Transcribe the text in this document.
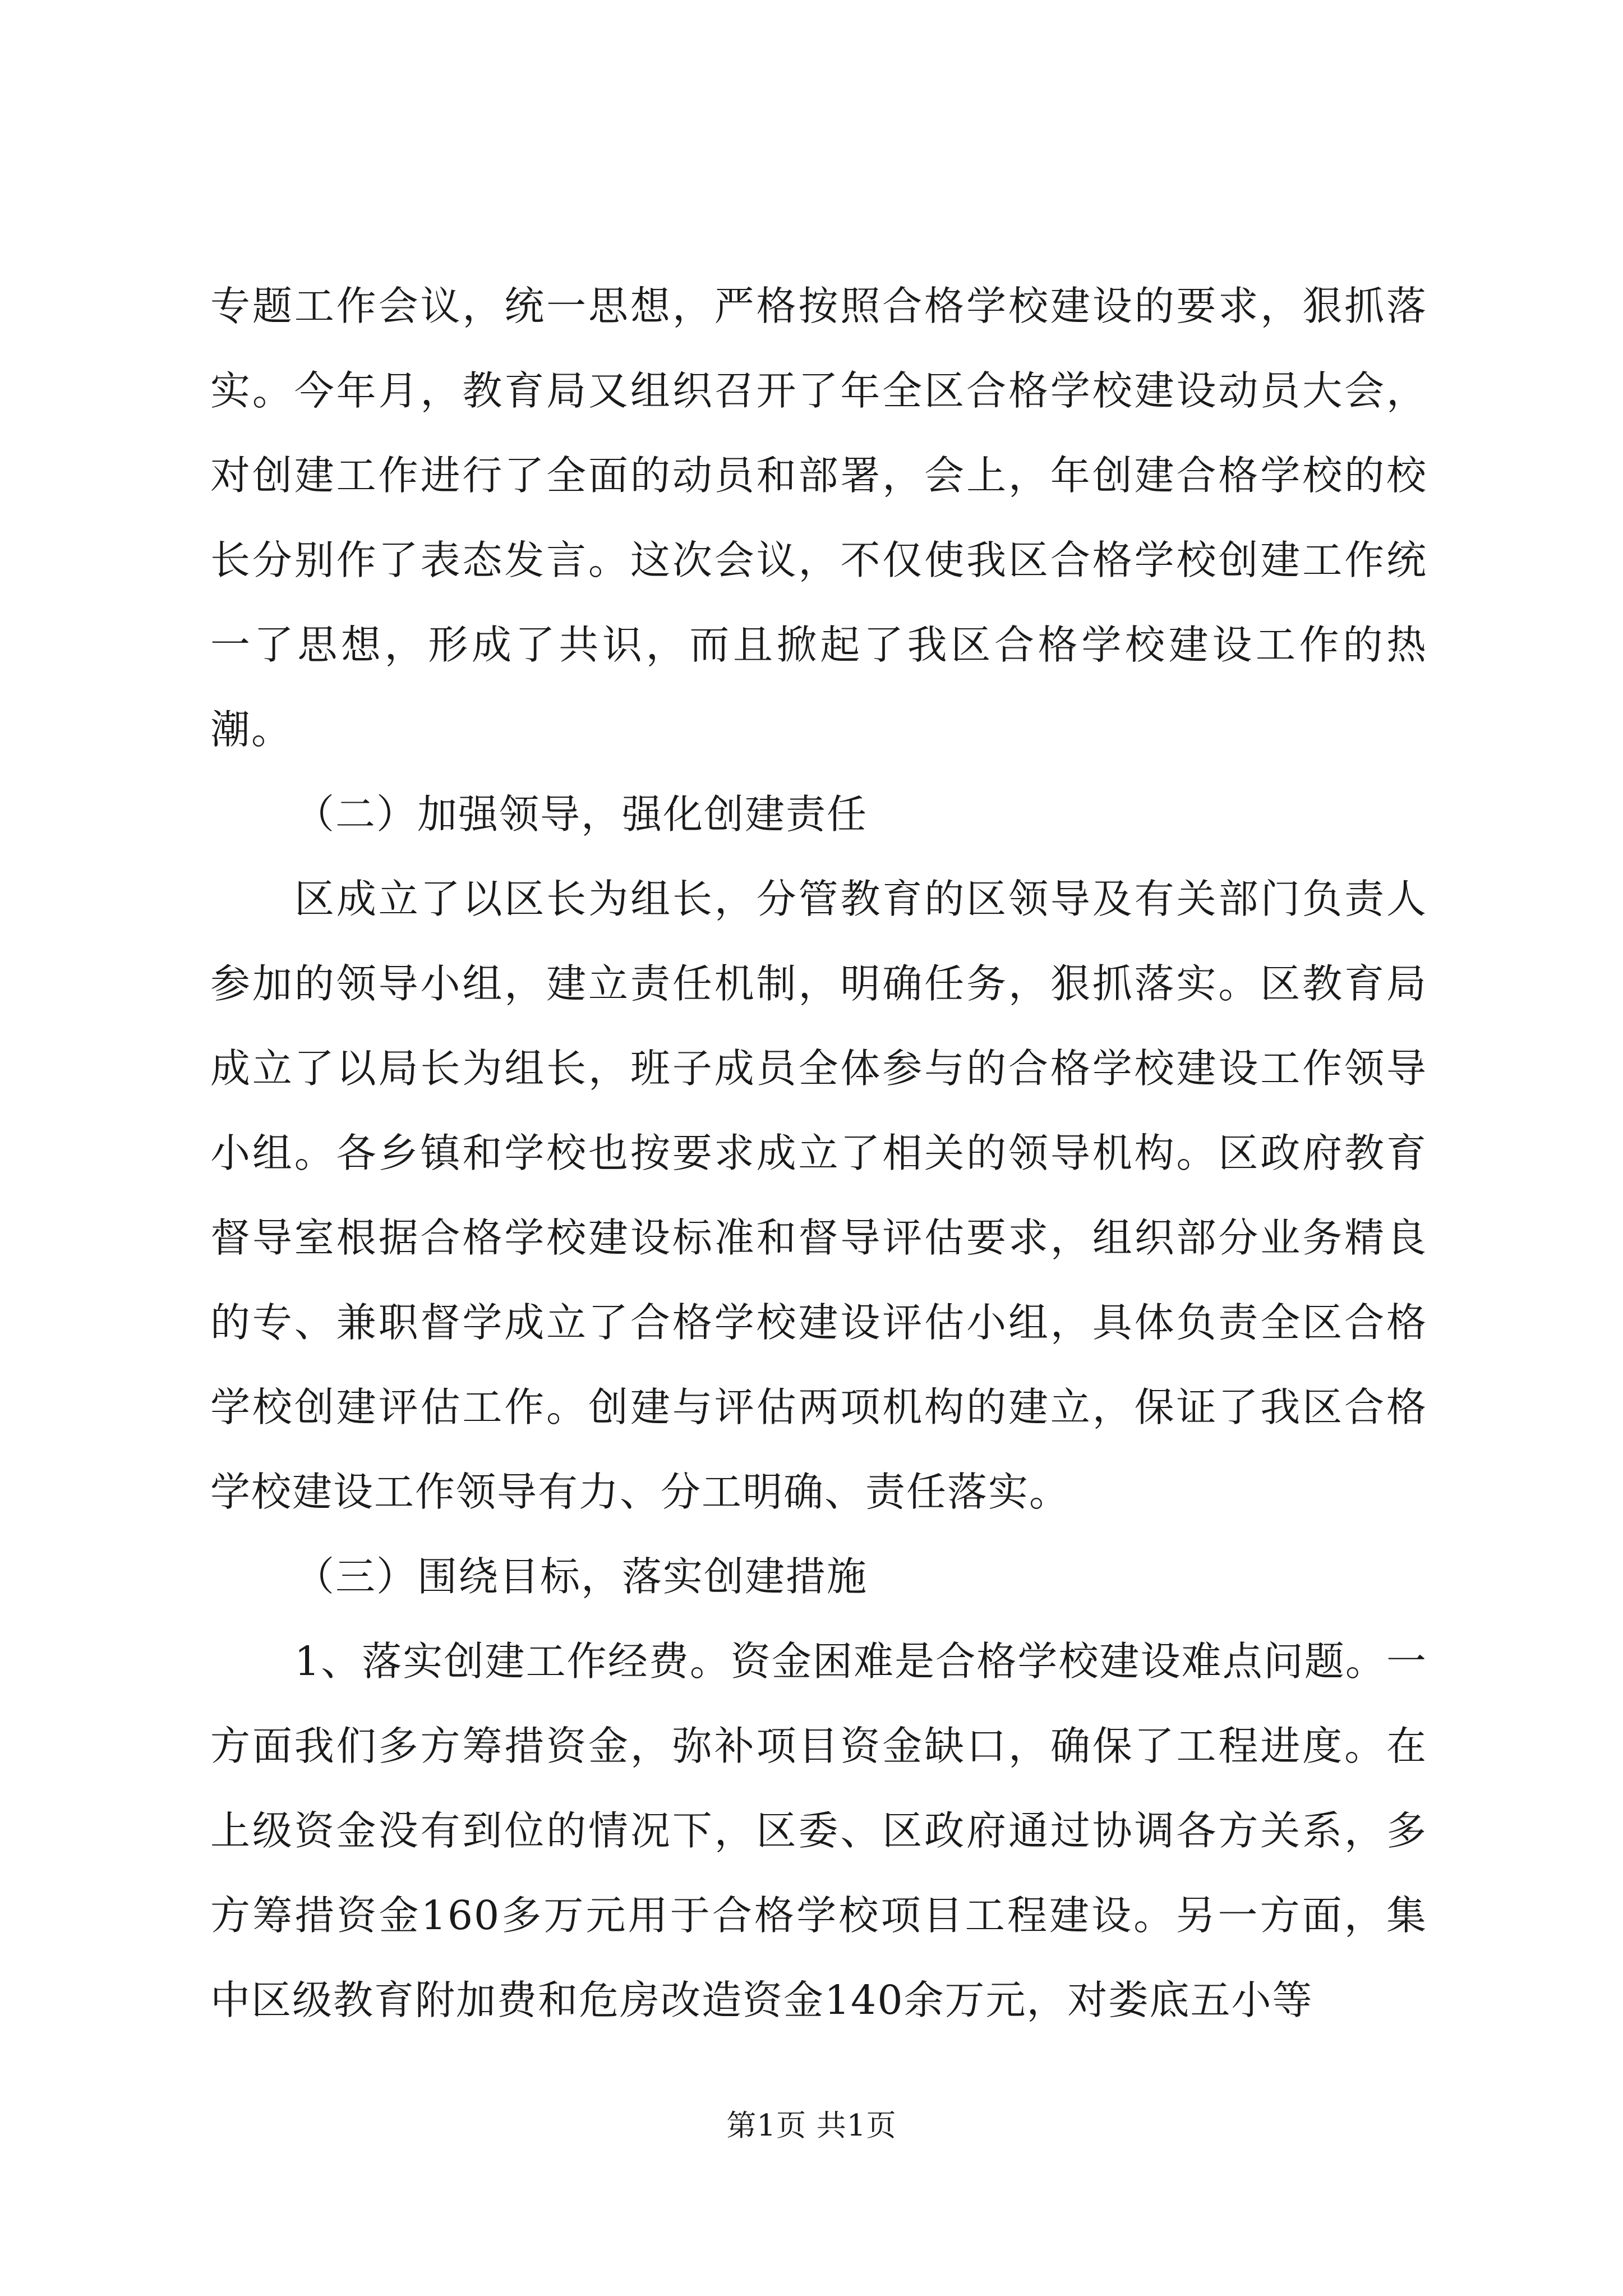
专题工作会议，统一思想，严格按照合格学校建设的要求，狠抓落实。今年月，教育局又组织召开了年全区合格学校建设动员大会，对创建工作进行了全面的动员和部署，会上，年创建合格学校的校长分别作了表态发言。这次会议，不仅使我区合格学校创建工作统一了思想，形成了共识，而且掀起了我区合格学校建设工作的热潮。

（二）加强领导，强化创建责任

区成立了以区长为组长，分管教育的区领导及有关部门负责人参加的领导小组，建立责任机制，明确任务，狠抓落实。区教育局成立了以局长为组长，班子成员全体参与的合格学校建设工作领导小组。各乡镇和学校也按要求成立了相关的领导机构。区政府教育督导室根据合格学校建设标准和督导评估要求，组织部分业务精良的专、兼职督学成立了合格学校建设评估小组，具体负责全区合格学校创建评估工作。创建与评估两项机构的建立，保证了我区合格学校建设工作领导有力、分工明确、责任落实。

（三）围绕目标，落实创建措施

1、落实创建工作经费。资金困难是合格学校建设难点问题。一方面我们多方筹措资金，弥补项目资金缺口，确保了工程进度。在上级资金没有到位的情况下，区委、区政府通过协调各方关系，多方筹措资金160多万元用于合格学校项目工程建设。另一方面，集中区级教育附加费和危房改造资金140余万元，对娄底五小等

第1页 共1页
